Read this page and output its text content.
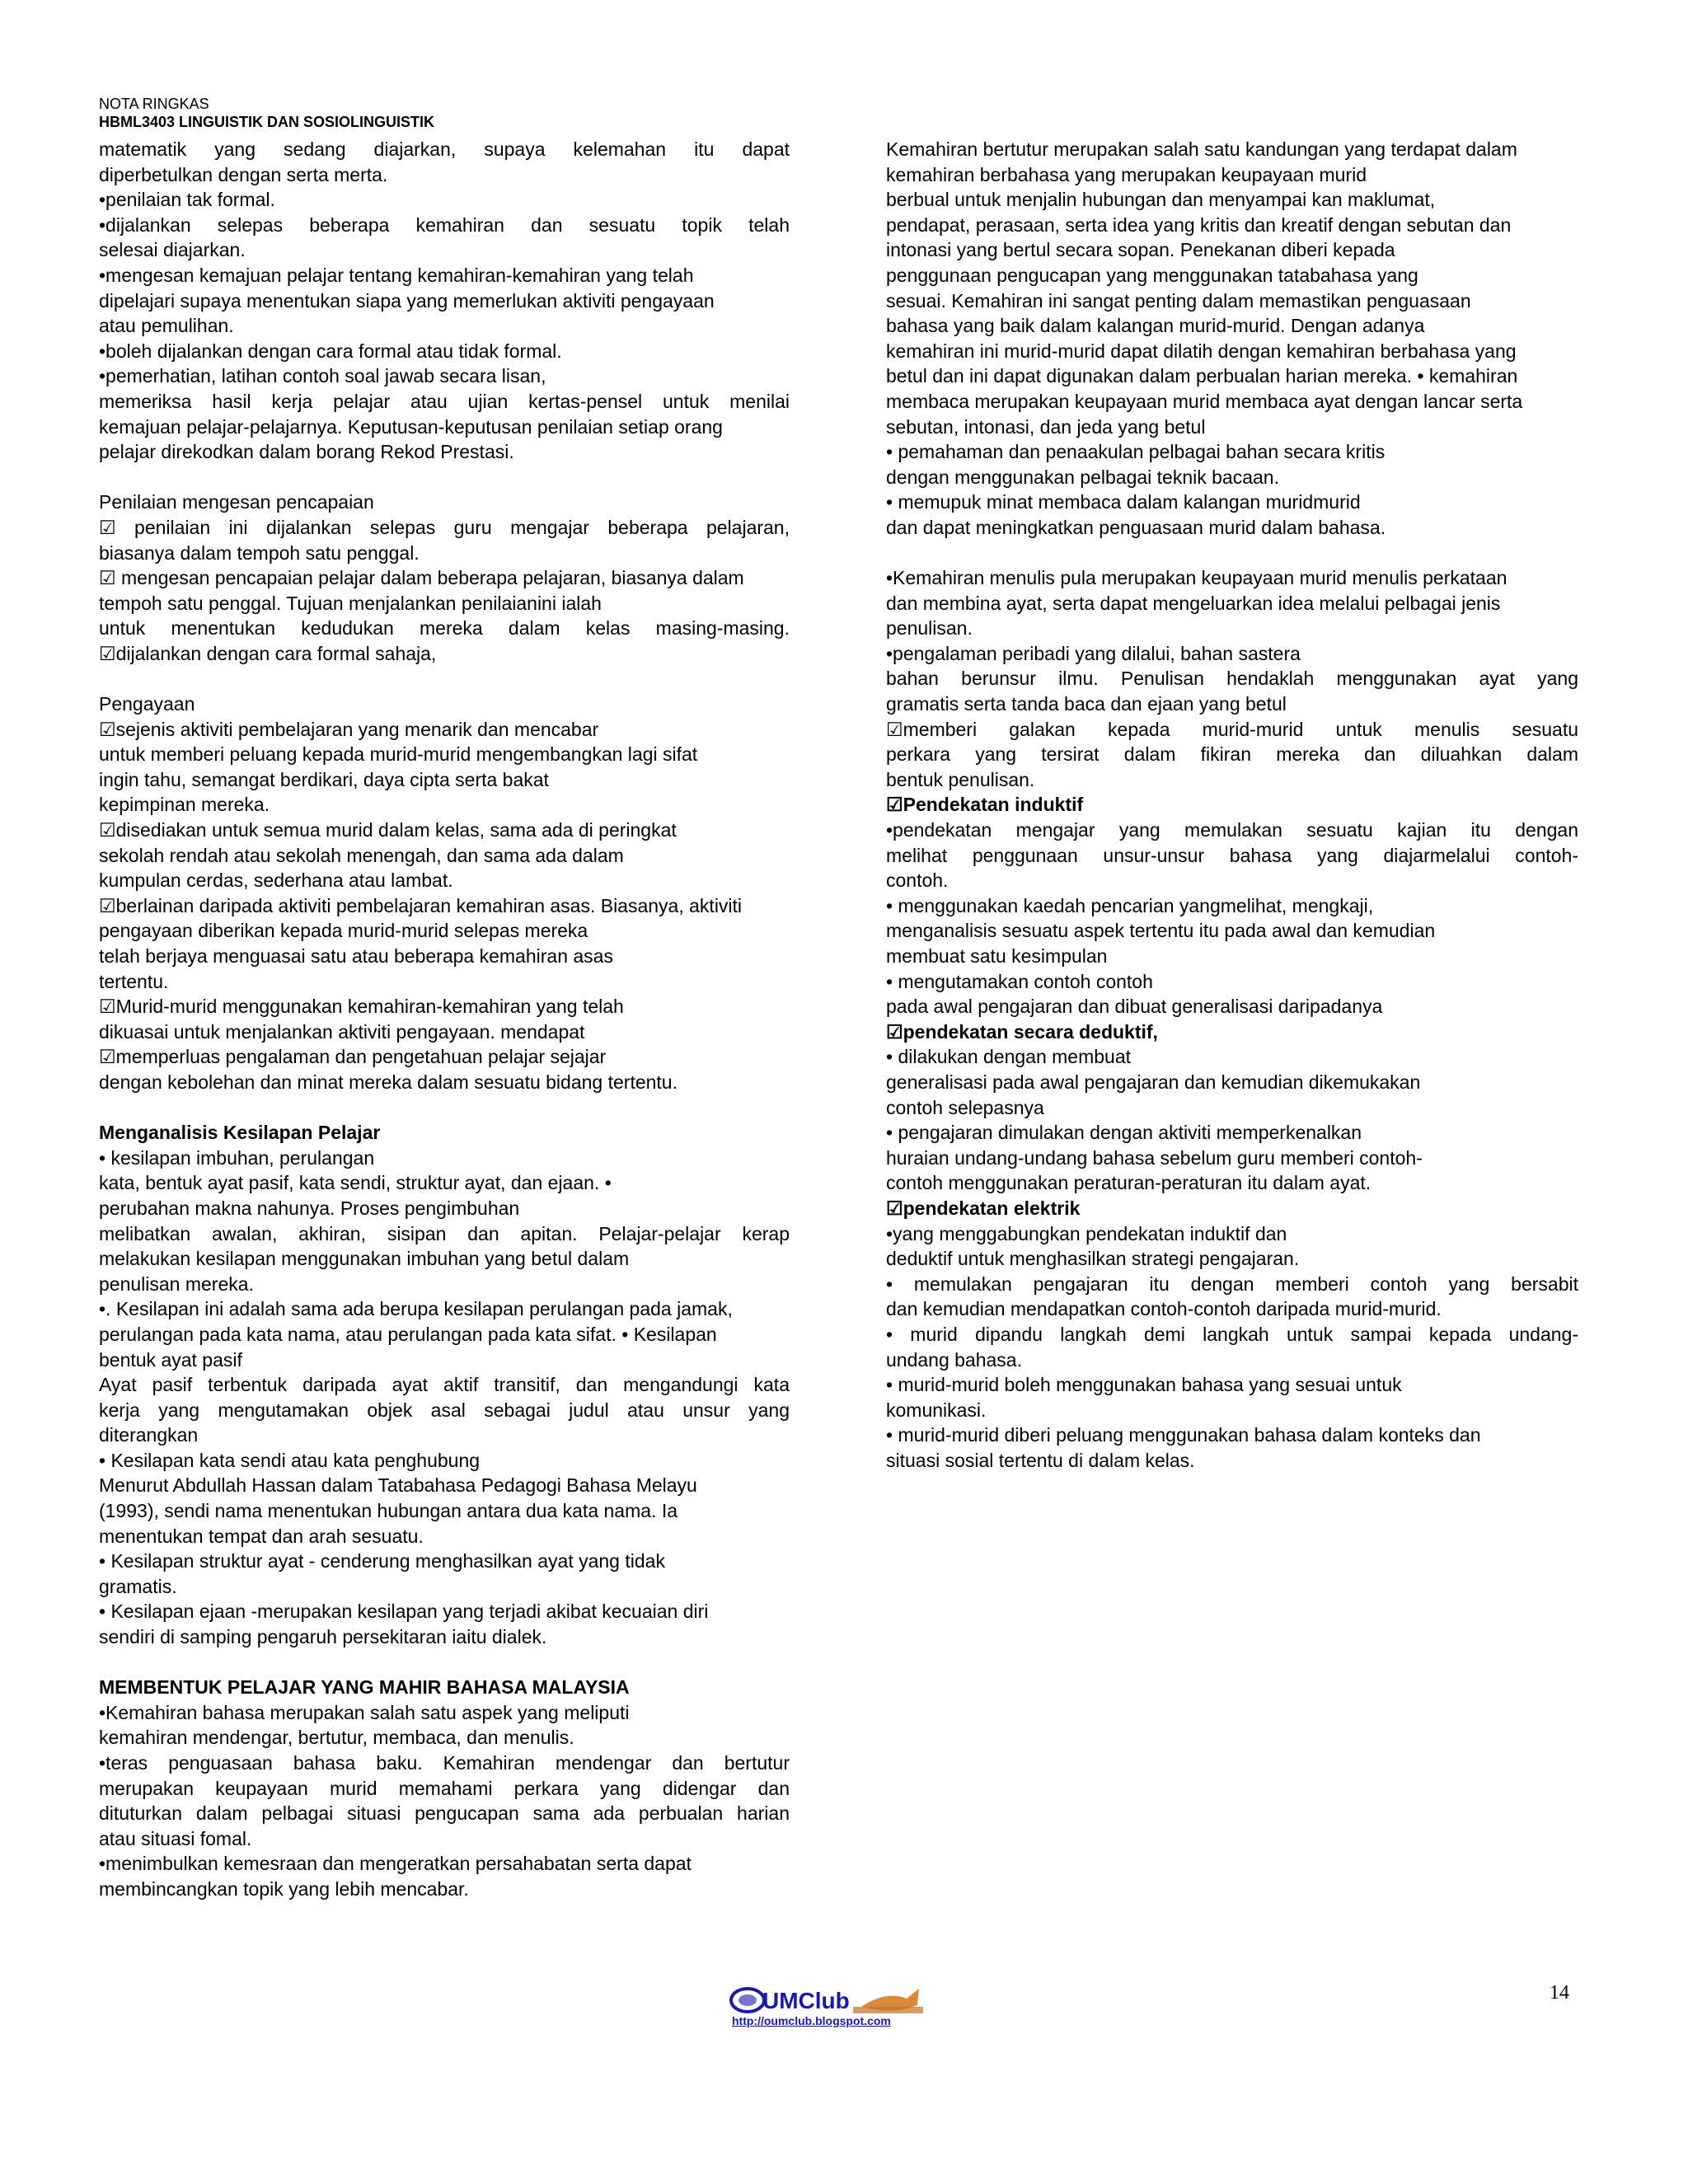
NOTA RINGKAS
HBML3403 LINGUISTIK DAN SOSIOLINGUISTIK

matematik yang sedang diajarkan, supaya kelemahan itu dapat

diperbetulkan dengan serta merta.

•penilaian tak formal.

•dijalankan selepas beberapa kemahiran dan sesuatu topik telah

selesai diajarkan.

•mengesan kemajuan pelajar tentang kemahiran-kemahiran yang telah

dipelajari supaya menentukan siapa yang memerlukan aktiviti pengayaan

atau pemulihan.

•boleh dijalankan dengan cara formal atau tidak formal.

•pemerhatian, latihan contoh soal jawab secara lisan,

memeriksa hasil kerja pelajar atau ujian kertas-pensel untuk menilai

kemajuan pelajar-pelajarnya. Keputusan-keputusan penilaian setiap orang

pelajar direkodkan dalam borang Rekod Prestasi.

Penilaian mengesan pencapaian

☑ penilaian ini dijalankan selepas guru mengajar beberapa pelajaran,

biasanya dalam tempoh satu penggal.

☑ mengesan pencapaian pelajar dalam beberapa pelajaran, biasanya dalam

tempoh satu penggal. Tujuan menjalankan penilaianini ialah

untuk menentukan kedudukan mereka dalam kelas masing-masing.

☑dijalankan dengan cara formal sahaja,

Pengayaan

☑sejenis aktiviti pembelajaran yang menarik dan mencabar

untuk memberi peluang kepada murid-murid mengembangkan lagi sifat

ingin tahu, semangat berdikari, daya cipta serta bakat

kepimpinan mereka.

☑disediakan untuk semua murid dalam kelas, sama ada di peringkat

sekolah rendah atau sekolah menengah, dan sama ada dalam

kumpulan cerdas, sederhana atau lambat.

☑berlainan daripada aktiviti pembelajaran kemahiran asas. Biasanya, aktiviti

pengayaan diberikan kepada murid-murid selepas mereka

telah berjaya menguasai satu atau beberapa kemahiran asas

tertentu.

☑Murid-murid menggunakan kemahiran-kemahiran yang telah

dikuasai untuk menjalankan aktiviti pengayaan. mendapat

☑memperluas pengalaman dan pengetahuan pelajar sejajar

dengan kebolehan dan minat mereka dalam sesuatu bidang tertentu.

Menganalisis Kesilapan Pelajar

• kesilapan imbuhan, perulangan

kata, bentuk ayat pasif, kata sendi, struktur ayat, dan ejaan. •

perubahan makna nahunya. Proses pengimbuhan

melibatkan awalan, akhiran, sisipan dan apitan. Pelajar-pelajar kerap

melakukan kesilapan menggunakan imbuhan yang betul dalam

penulisan mereka.

•. Kesilapan ini adalah sama ada berupa kesilapan perulangan pada jamak,

perulangan pada kata nama, atau perulangan pada kata sifat. • Kesilapan

bentuk ayat pasif

Ayat pasif terbentuk daripada ayat aktif transitif, dan mengandungi kata

kerja yang mengutamakan objek asal sebagai judul atau unsur yang

diterangkan

• Kesilapan kata sendi atau kata penghubung

Menurut Abdullah Hassan dalam Tatabahasa Pedagogi Bahasa Melayu

(1993), sendi nama menentukan hubungan antara dua kata nama. Ia

menentukan tempat dan arah sesuatu.

• Kesilapan struktur ayat - cenderung menghasilkan ayat yang tidak

gramatis.

• Kesilapan ejaan -merupakan kesilapan yang terjadi akibat kecuaian diri

sendiri di samping pengaruh persekitaran iaitu dialek.

MEMBENTUK PELAJAR YANG MAHIR BAHASA MALAYSIA

•Kemahiran bahasa merupakan salah satu aspek yang meliputi

kemahiran mendengar, bertutur, membaca, dan menulis.

•teras penguasaan bahasa baku. Kemahiran mendengar dan bertutur

merupakan keupayaan murid memahami perkara yang didengar dan

dituturkan dalam pelbagai situasi pengucapan sama ada perbualan harian

atau situasi fomal.

•menimbulkan kemesraan dan mengeratkan persahabatan serta dapat

membincangkan topik yang lebih mencabar.

Kemahiran bertutur merupakan salah satu kandungan yang terdapat dalam

kemahiran berbahasa yang merupakan keupayaan murid

berbual untuk menjalin hubungan dan menyampai kan maklumat,

pendapat, perasaan, serta idea yang kritis dan kreatif dengan sebutan dan

intonasi yang bertul secara sopan. Penekanan diberi kepada

penggunaan pengucapan yang menggunakan tatabahasa yang

sesuai. Kemahiran ini sangat penting dalam memastikan penguasaan

bahasa yang baik dalam kalangan murid-murid. Dengan adanya

kemahiran ini murid-murid dapat dilatih dengan kemahiran berbahasa yang

betul dan ini dapat digunakan dalam perbualan harian mereka. • kemahiran

membaca merupakan keupayaan murid membaca ayat dengan lancar serta

sebutan, intonasi, dan jeda yang betul

• pemahaman dan penaakulan pelbagai bahan secara kritis

dengan menggunakan pelbagai teknik bacaan.

• memupuk minat membaca dalam kalangan muridmurid

dan dapat meningkatkan penguasaan murid dalam bahasa.

•Kemahiran menulis pula merupakan keupayaan murid menulis perkataan

dan membina ayat, serta dapat mengeluarkan idea melalui pelbagai jenis

penulisan.

•pengalaman peribadi yang dilalui, bahan sastera

bahan berunsur ilmu. Penulisan hendaklah menggunakan ayat yang

gramatis serta tanda baca dan ejaan yang betul

☑memberi galakan kepada murid-murid untuk menulis sesuatu

perkara yang tersirat dalam fikiran mereka dan diluahkan dalam

bentuk penulisan.

☑Pendekatan induktif

•pendekatan mengajar yang memulakan sesuatu kajian itu dengan

melihat penggunaan unsur-unsur bahasa yang diajarmelalui contoh-

contoh.

• menggunakan kaedah pencarian yangmelihat, mengkaji,

menganalisis sesuatu aspek tertentu itu pada awal dan kemudian

membuat satu kesimpulan

• mengutamakan contoh contoh

pada awal pengajaran dan dibuat generalisasi daripadanya

☑pendekatan secara deduktif,

• dilakukan dengan membuat

generalisasi pada awal pengajaran dan kemudian dikemukakan

contoh selepasnya

• pengajaran dimulakan dengan aktiviti memperkenalkan

huraian undang-undang bahasa sebelum guru memberi contoh-

contoh menggunakan peraturan-peraturan itu dalam ayat.

☑pendekatan elektrik

•yang menggabungkan pendekatan induktif dan

deduktif untuk menghasilkan strategi pengajaran.

• memulakan pengajaran itu dengan memberi contoh yang bersabit

dan kemudian mendapatkan contoh-contoh daripada murid-murid.

• murid dipandu langkah demi langkah untuk sampai kepada undang-

undang bahasa.

• murid-murid boleh menggunakan bahasa yang sesuai untuk

komunikasi.

• murid-murid diberi peluang menggunakan bahasa dalam konteks dan

situasi sosial tertentu di dalam kelas.

UMClub
http://oumclub.blogspot.com
14
